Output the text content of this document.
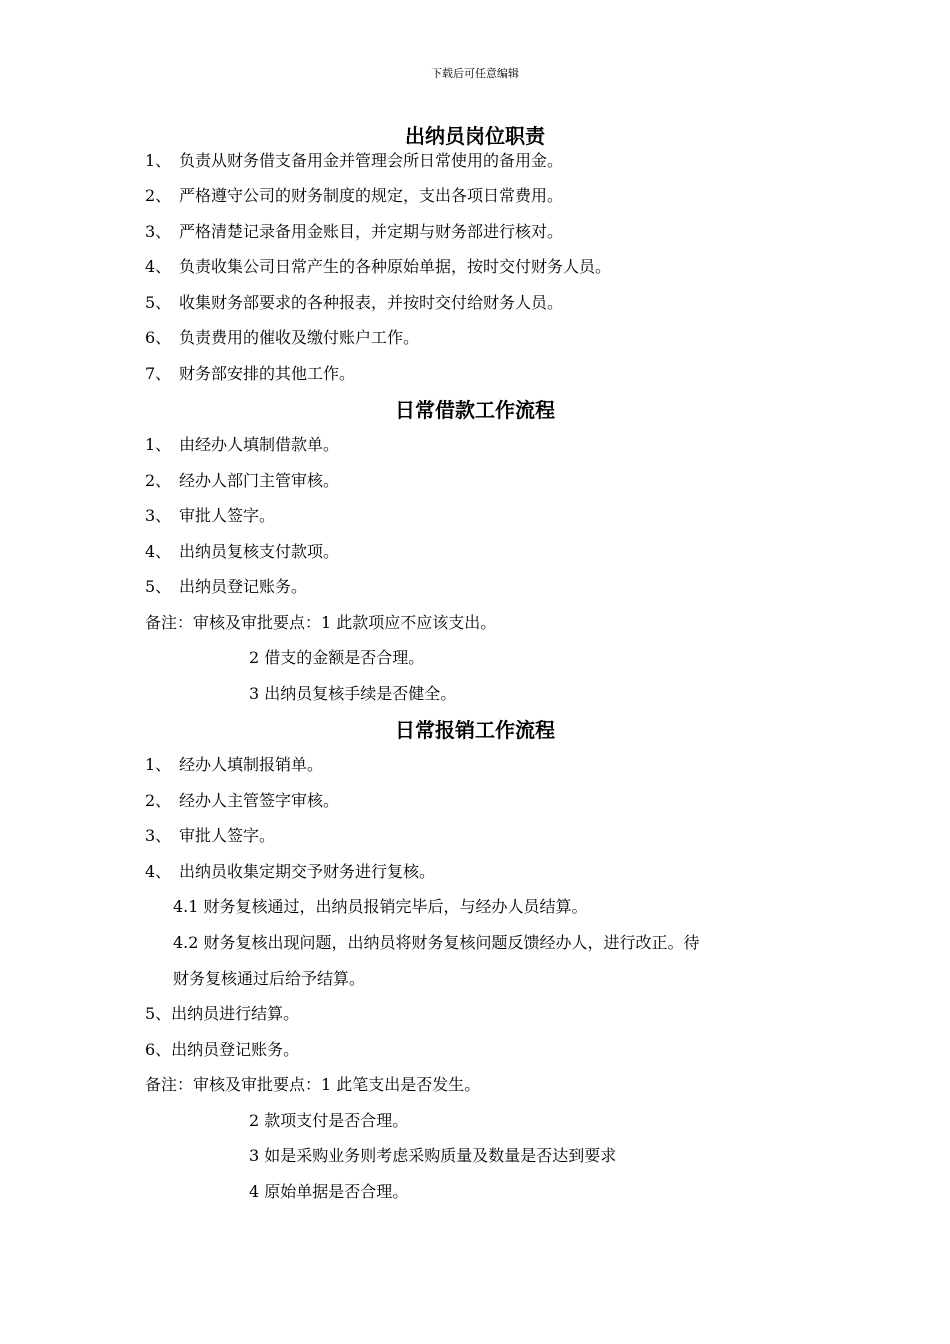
下载后可任意编辑
出纳员岗位职责
1、 负责从财务借支备用金并管理会所日常使用的备用金。
2、 严格遵守公司的财务制度的规定，支出各项日常费用。
3、 严格清楚记录备用金账目，并定期与财务部进行核对。
4、 负责收集公司日常产生的各种原始单据，按时交付财务人员。
5、 收集财务部要求的各种报表，并按时交付给财务人员。
6、 负责费用的催收及缴付账户工作。
7、 财务部安排的其他工作。
日常借款工作流程
1、 由经办人填制借款单。
2、 经办人部门主管审核。
3、 审批人签字。
4、 出纳员复核支付款项。
5、 出纳员登记账务。
备注：审核及审批要点：1 此款项应不应该支出。
2 借支的金额是否合理。
3 出纳员复核手续是否健全。
日常报销工作流程
1、 经办人填制报销单。
2、 经办人主管签字审核。
3、 审批人签字。
4、 出纳员收集定期交予财务进行复核。
4.1 财务复核通过，出纳员报销完毕后，与经办人员结算。
4.2 财务复核出现问题，出纳员将财务复核问题反馈经办人，进行改正。待
财务复核通过后给予结算。
5、出纳员进行结算。
6、出纳员登记账务。
备注：审核及审批要点：1 此笔支出是否发生。
2 款项支付是否合理。
3 如是采购业务则考虑采购质量及数量是否达到要求
4 原始单据是否合理。
